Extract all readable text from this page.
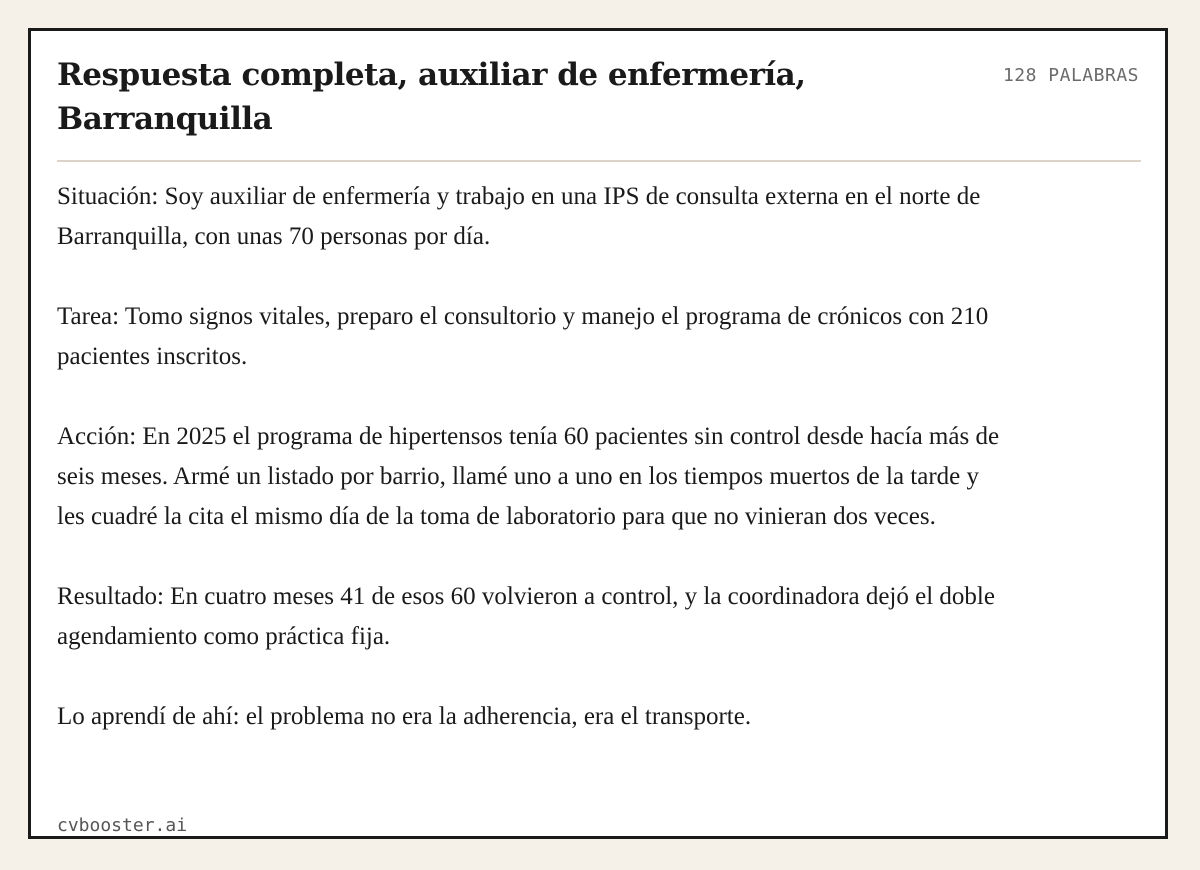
Respuesta completa, auxiliar de enfermería, Barranquilla
128 PALABRAS

Situación: Soy auxiliar de enfermería y trabajo en una IPS de consulta externa en el norte de Barranquilla, con unas 70 personas por día.

Tarea: Tomo signos vitales, preparo el consultorio y manejo el programa de crónicos con 210 pacientes inscritos.

Acción: En 2025 el programa de hipertensos tenía 60 pacientes sin control desde hacía más de seis meses. Armé un listado por barrio, llamé uno a uno en los tiempos muertos de la tarde y les cuadré la cita el mismo día de la toma de laboratorio para que no vinieran dos veces.

Resultado: En cuatro meses 41 de esos 60 volvieron a control, y la coordinadora dejó el doble agendamiento como práctica fija.

Lo aprendí de ahí: el problema no era la adherencia, era el transporte.

cvbooster.ai
